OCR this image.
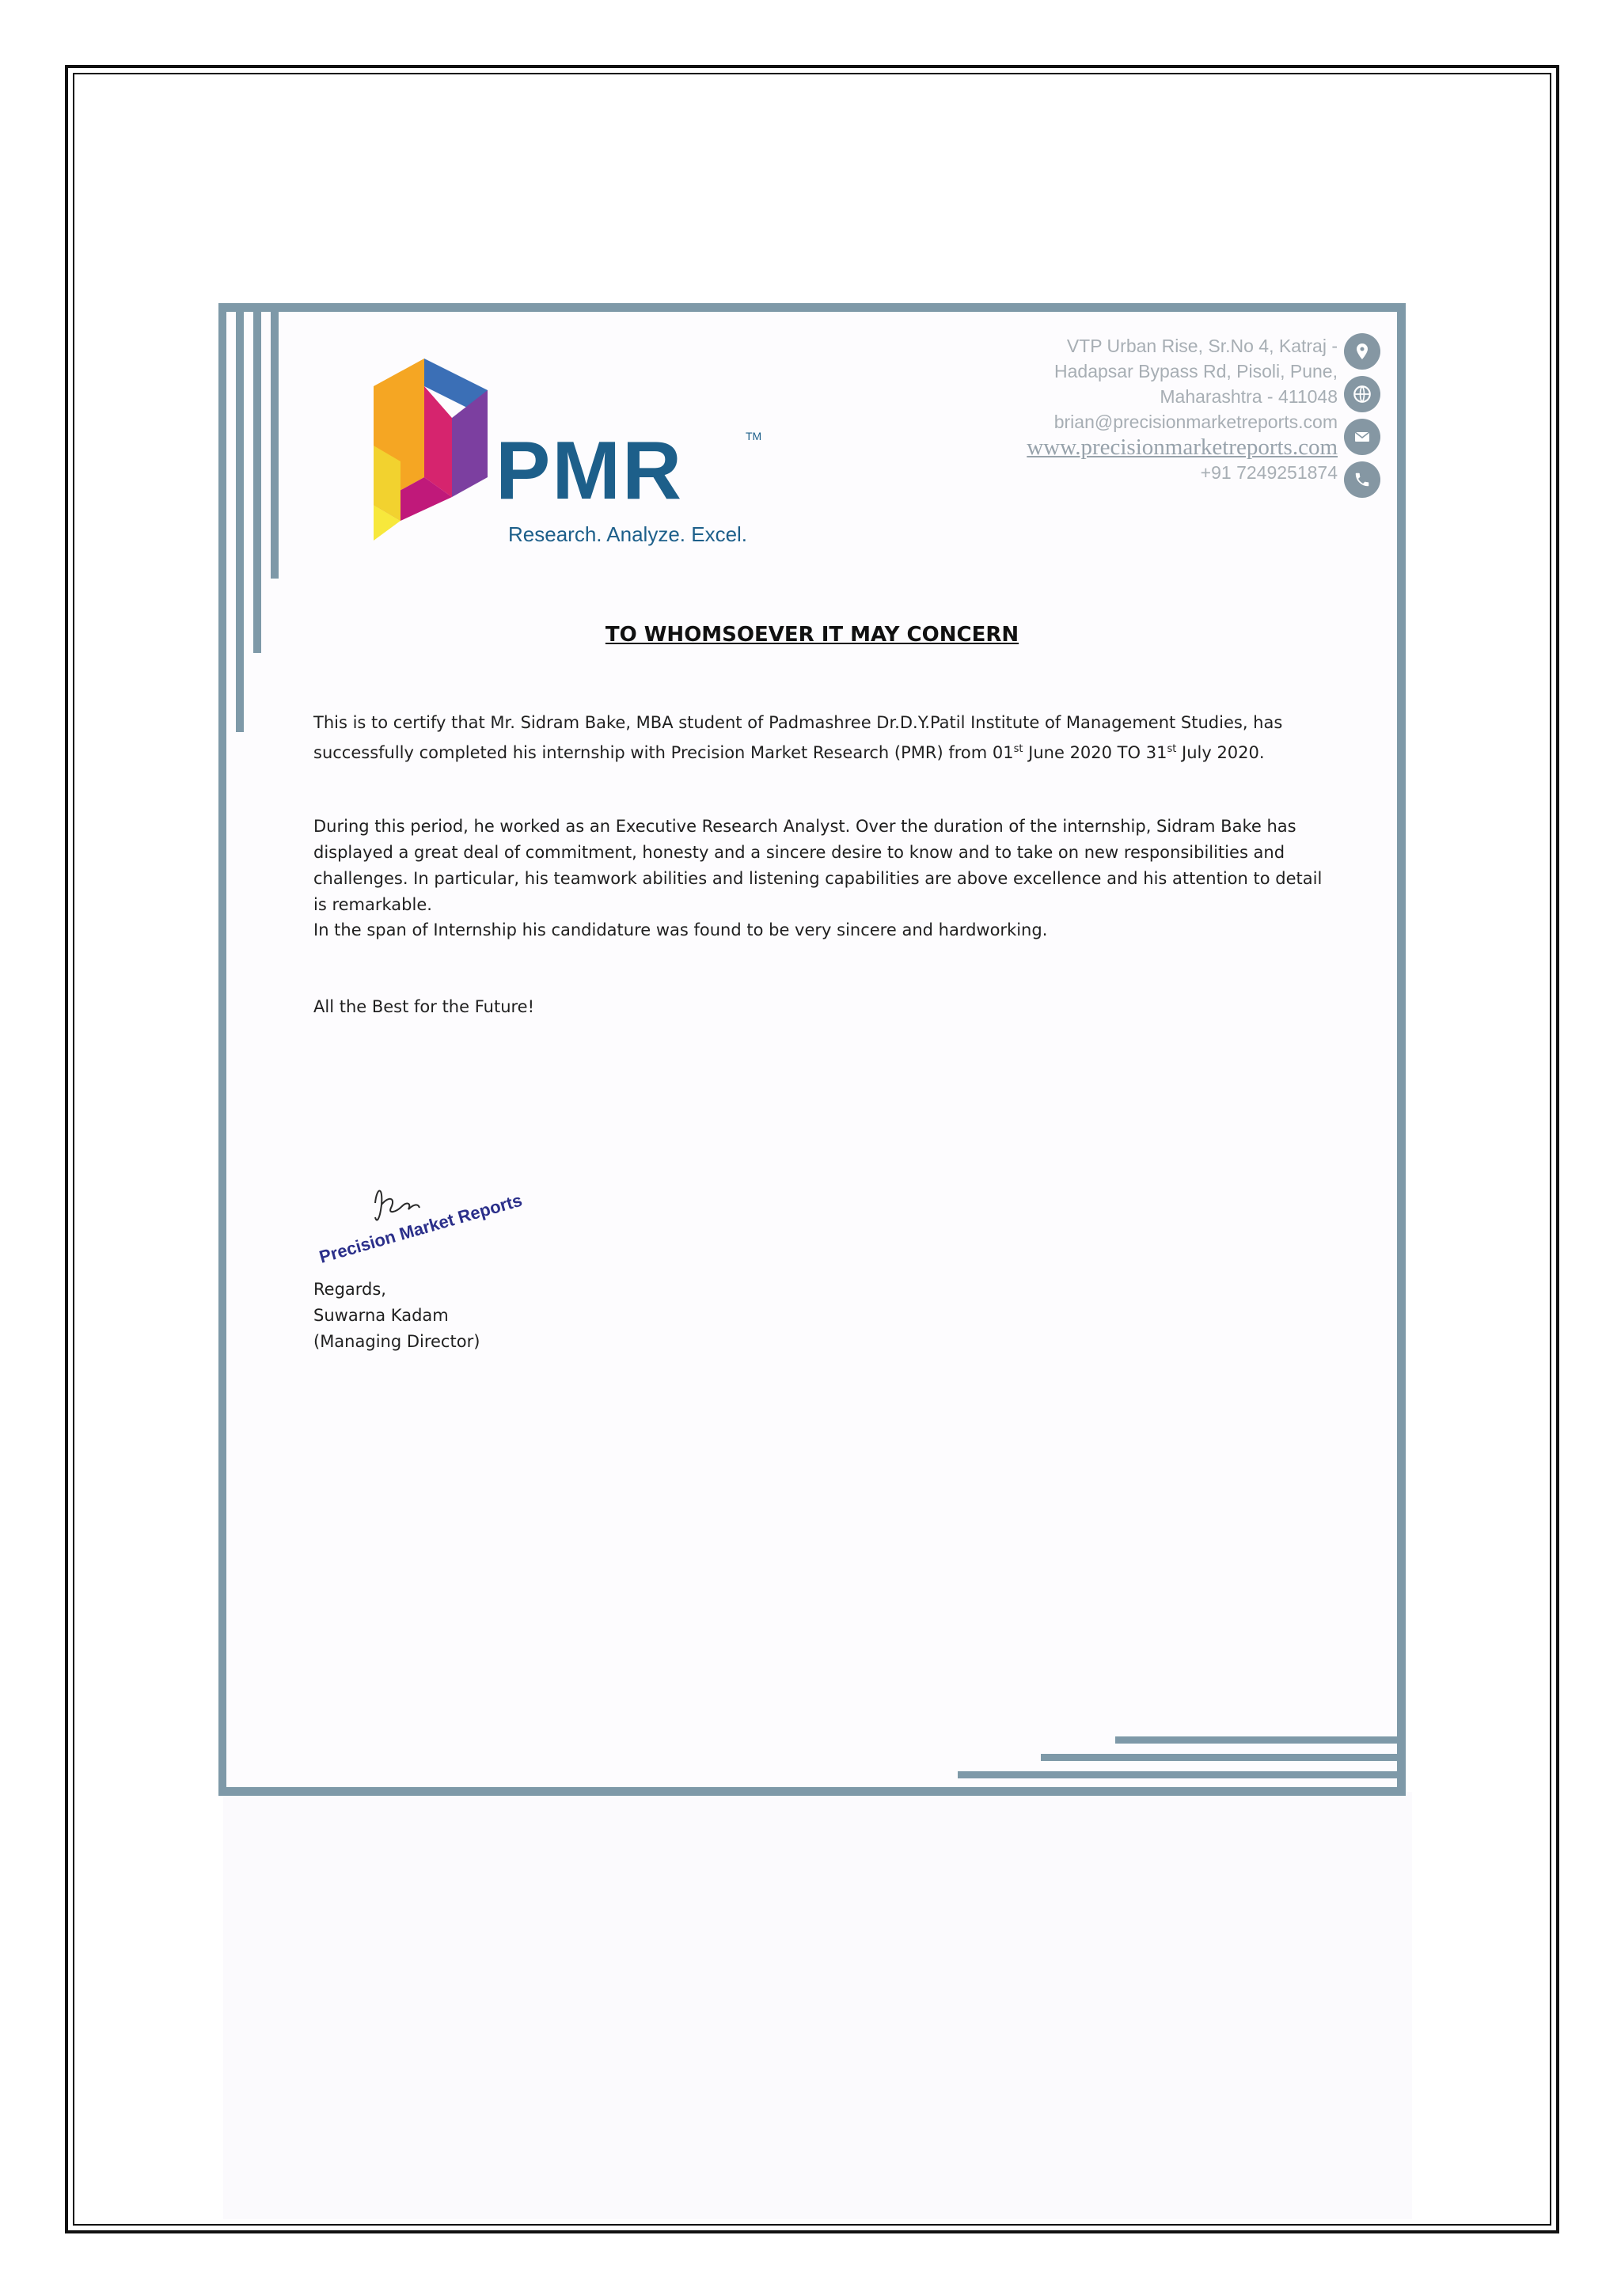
PMR	TM
Research. Analyze. Excel.
VTP Urban Rise, Sr.No 4, Katraj -
Hadapsar Bypass Rd, Pisoli, Pune,
Maharashtra - 411048
brian@precisionmarketreports.com
www.precisionmarketreports.com
+91 7249251874
TO WHOMSOEVER IT MAY CONCERN

This is to certify that Mr. Sidram Bake, MBA student of Padmashree Dr.D.Y.Patil Institute of Management Studies, has successfully completed his internship with Precision Market Research (PMR) from 01st June 2020 TO 31st July 2020.

During this period, he worked as an Executive Research Analyst. Over the duration of the internship, Sidram Bake has displayed a great deal of commitment, honesty and a sincere desire to know and to take on new responsibilities and challenges. In particular, his teamwork abilities and listening capabilities are above excellence and his attention to detail is remarkable.

In the span of Internship his candidature was found to be very sincere and hardworking.

All the Best for the Future!

Precision Market Reports

Regards,

Suwarna Kadam

(Managing Director)
